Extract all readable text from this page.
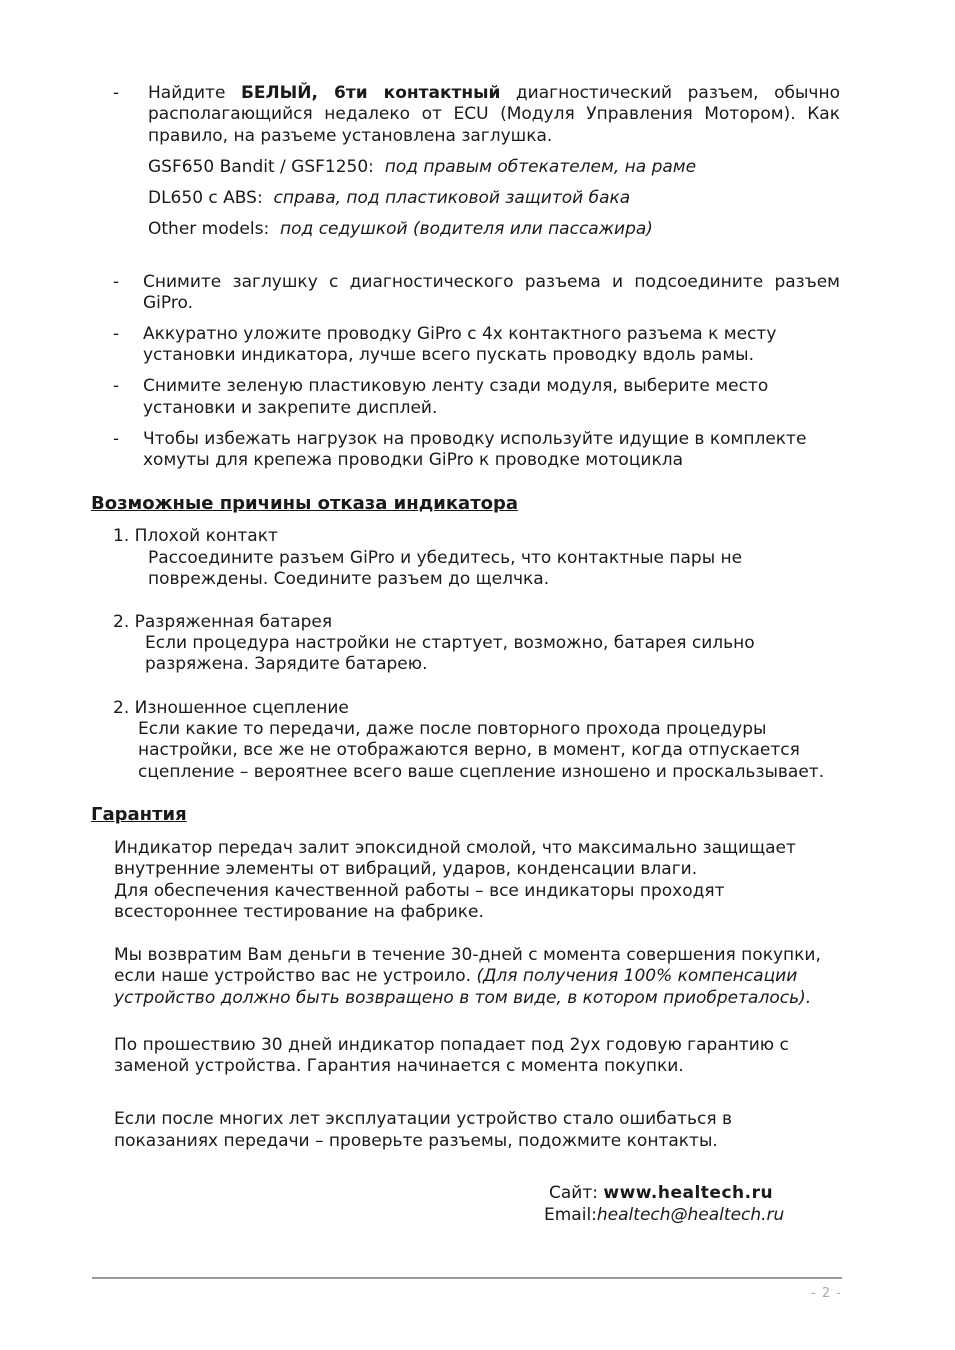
- Найдите БЕЛЫЙ, 6ти контактный диагностический разъем, обычно
располагающийся недалеко от ECU (Модуля Управления Мотором). Как
правило, на разъеме установлена заглушка.
GSF650 Bandit / GSF1250: под правым обтекателем, на раме
DL650 с ABS: справа, под пластиковой защитой бака
Other models: под седушкой (водителя или пассажира)
- Снимите заглушку с диагностического разъема и подсоедините разъем
GiPro.
- Аккуратно уложите проводку GiPro с 4х контактного разъема к месту
установки индикатора, лучше всего пускать проводку вдоль рамы.
- Снимите зеленую пластиковую ленту сзади модуля, выберите место
установки и закрепите дисплей.
- Чтобы избежать нагрузок на проводку используйте идущие в комплекте
хомуты для крепежа проводки GiPro к проводке мотоцикла
Возможные причины отказа индикатора
1. Плохой контакт
Рассоедините разъем GiPro и убедитесь, что контактные пары не
повреждены. Соедините разъем до щелчка.
2. Разряженная батарея
Если процедура настройки не стартует, возможно, батарея сильно
разряжена. Зарядите батарею.
2. Изношенное сцепление
Если какие то передачи, даже после повторного прохода процедуры
настройки, все же не отображаются верно, в момент, когда отпускается
сцепление – вероятнее всего ваше сцепление изношено и проскальзывает.
Гарантия
Индикатор передач залит эпоксидной смолой, что максимально защищает
внутренние элементы от вибраций, ударов, конденсации влаги.
Для обеспечения качественной работы – все индикаторы проходят
всестороннее тестирование на фабрике.
Мы возвратим Вам деньги в течение 30-дней с момента совершения покупки,
если наше устройство вас не устроило. (Для получения 100% компенсации
устройство должно быть возвращено в том виде, в котором приобреталось).
По прошествию 30 дней индикатор попадает под 2ух годовую гарантию с
заменой устройства. Гарантия начинается с момента покупки.
Если после многих лет эксплуатации устройство стало ошибаться в
показаниях передачи – проверьте разъемы, подожмите контакты.
Сайт: www.healtech.ru
Email:healtech@healtech.ru
- 2 -
